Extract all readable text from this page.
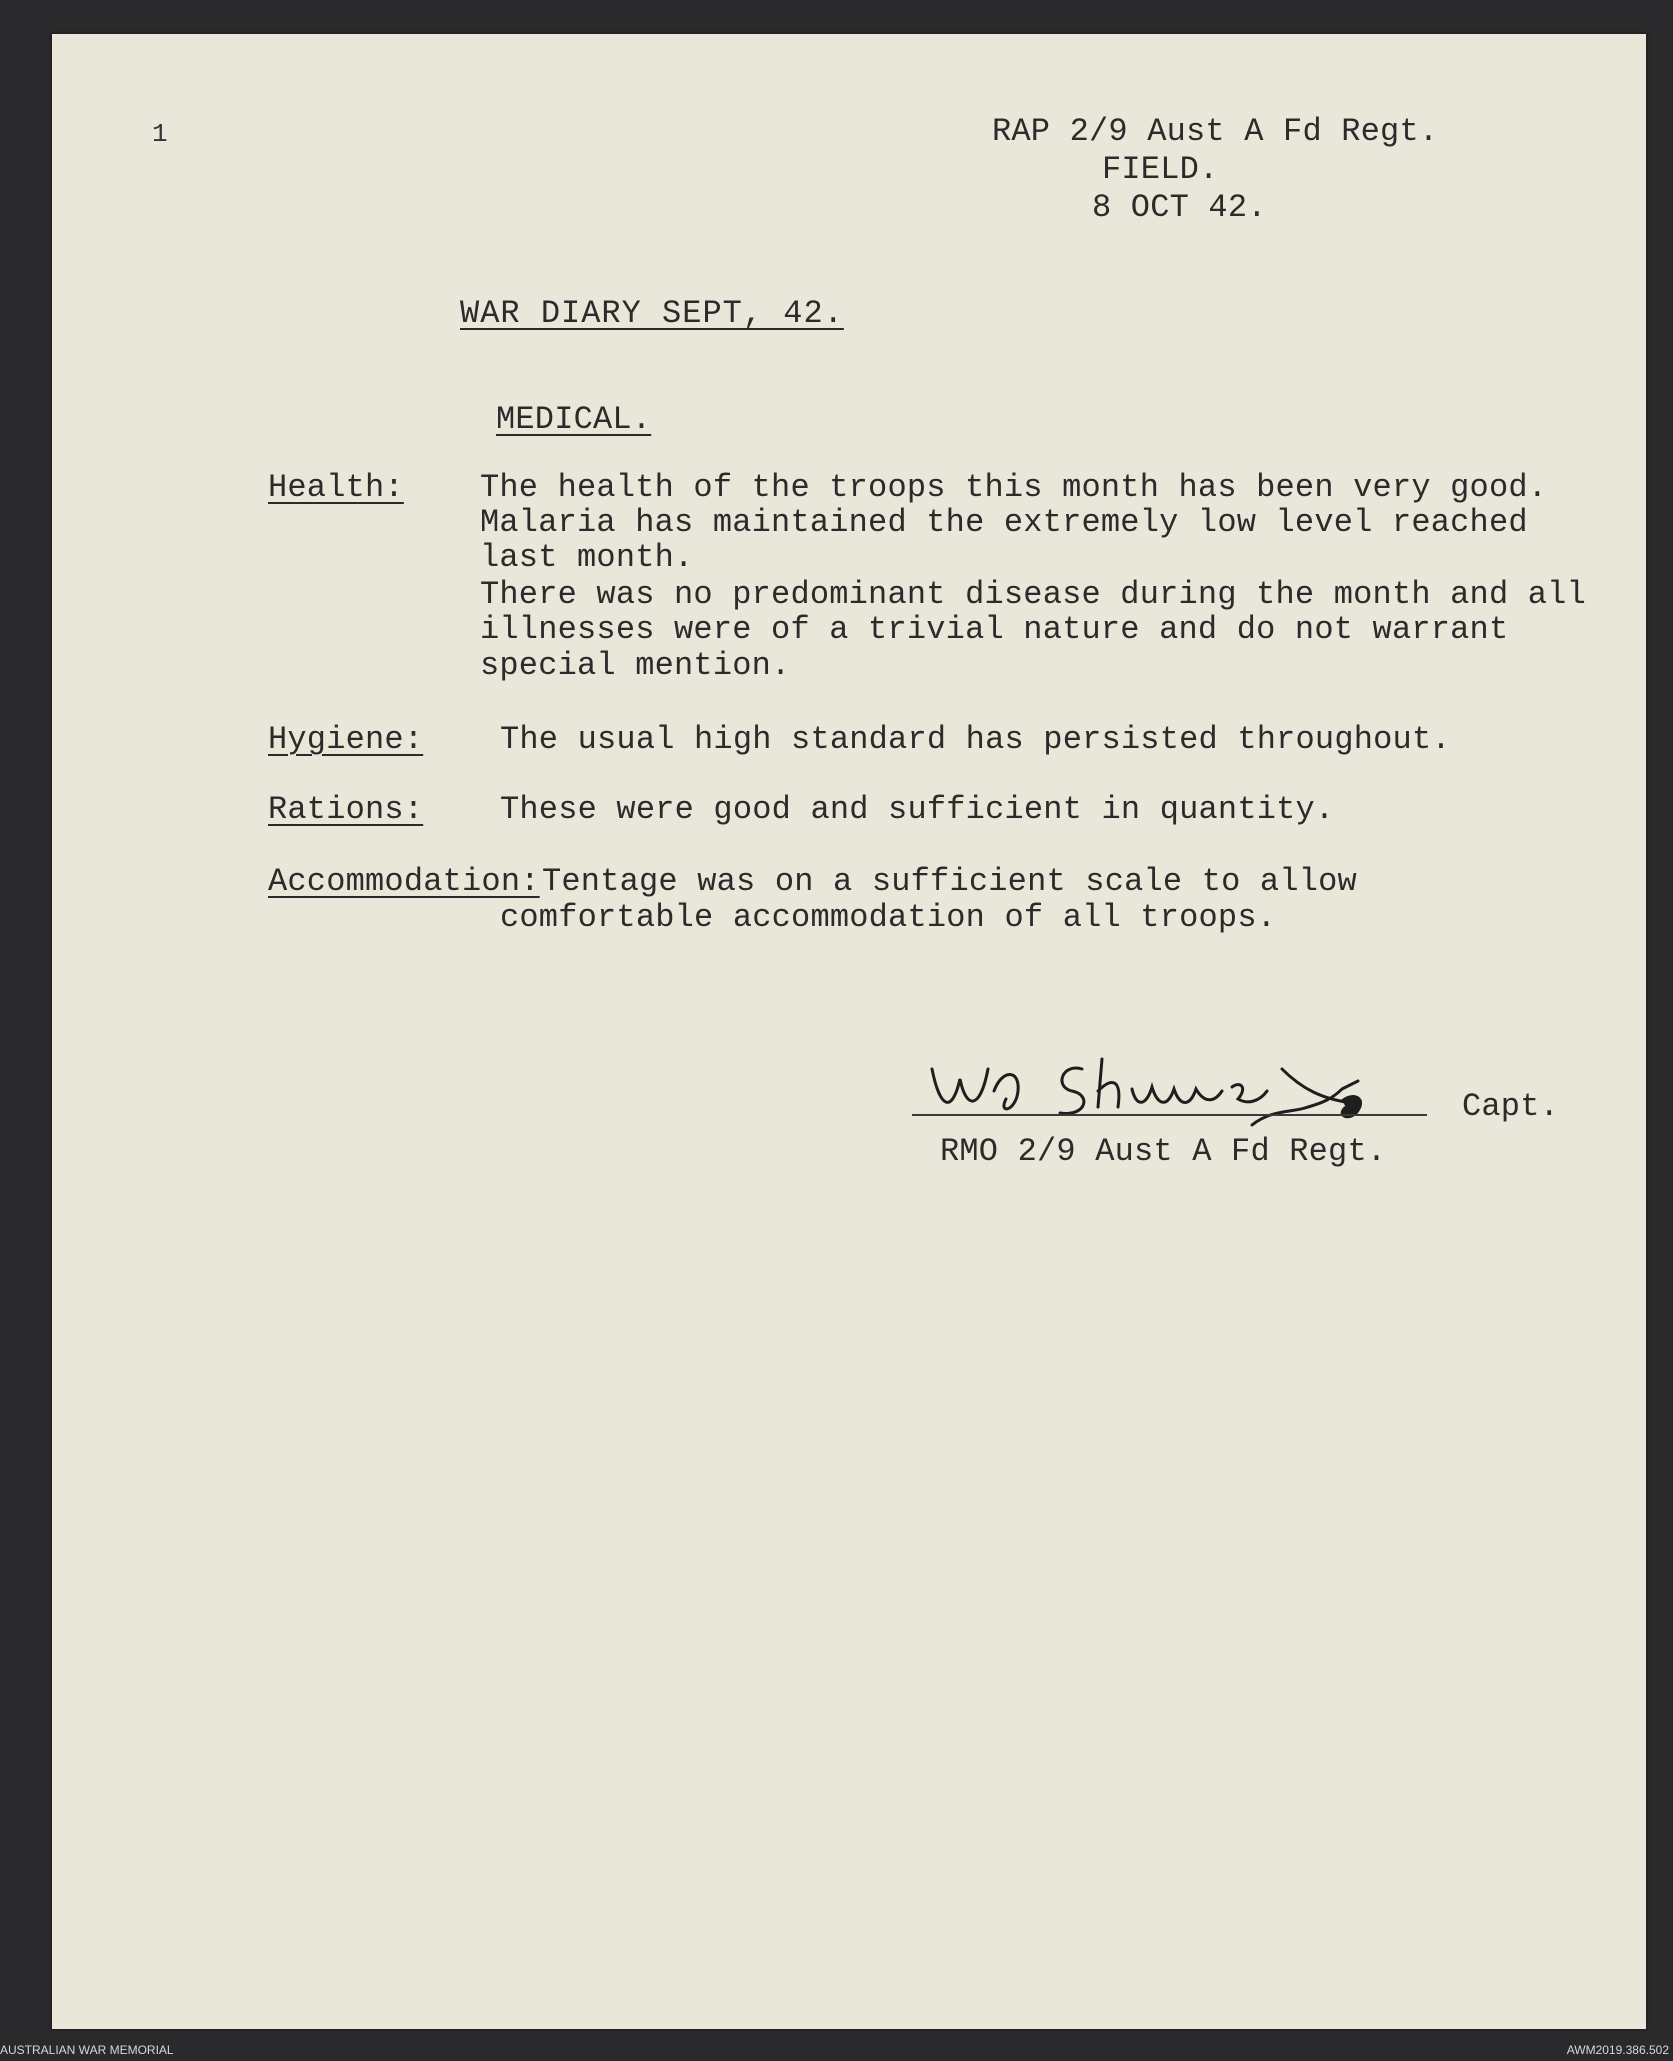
1	RAP 2/9 Aust A Fd Regt.
FIELD.
8 OCT 42.
WAR DIARY SEPT, 42.
MEDICAL.
Health: The health of the troops this month has been very good.
Malaria has maintained the extremely low level reached
last month.
There was no predominant disease during the month and all
illnesses were of a trivial nature and do not warrant
special mention.
Hygiene: The usual high standard has persisted throughout.
Rations: These were good and sufficient in quantity.
Accommodation: Tentage was on a sufficient scale to allow
comfortable accommodation of all troops.
Capt.
RMO 2/9 Aust A Fd Regt.
AUSTRALIAN WAR MEMORIAL	AWM2019.386.502
